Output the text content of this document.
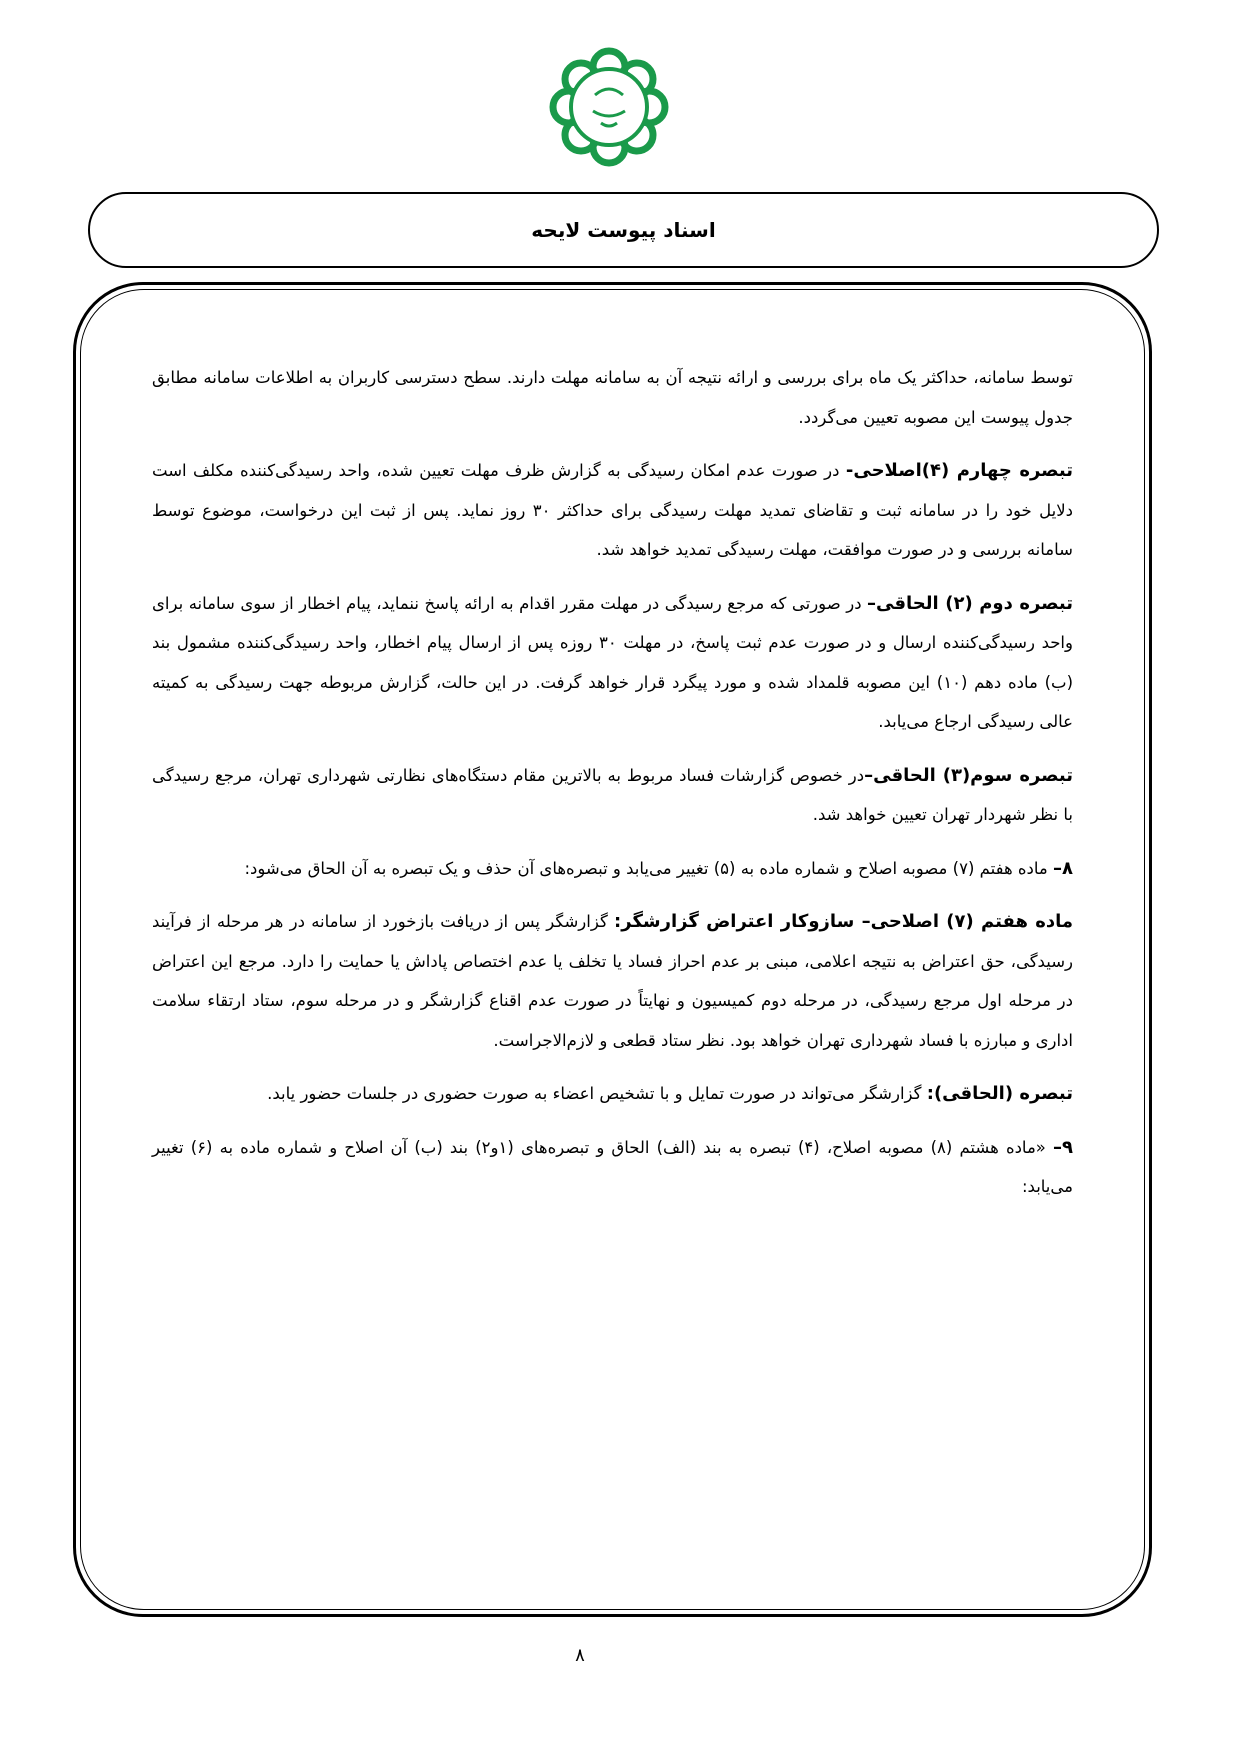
اسناد پیوست لایحه

توسط سامانه، حداکثر یک ماه برای بررسی و ارائه نتیجه آن به سامانه مهلت دارند. سطح دسترسی کاربران به اطلاعات سامانه مطابق جدول پیوست این مصوبه تعیین می‌گردد.

تبصره چهارم (۴)اصلاحی- در صورت عدم امکان رسیدگی به گزارش ظرف مهلت تعیین شده، واحد رسیدگی‌کننده مکلف است دلایل خود را در سامانه ثبت و تقاضای تمدید مهلت رسیدگی برای حداکثر ۳۰ روز نماید. پس از ثبت این درخواست، موضوع توسط سامانه بررسی و در صورت موافقت، مهلت رسیدگی تمدید خواهد شد.

تبصره دوم (۲) الحاقی– در صورتی که مرجع رسیدگی در مهلت مقرر اقدام به ارائه پاسخ ننماید، پیام اخطار از سوی سامانه برای واحد رسیدگی‌کننده ارسال و در صورت عدم ثبت پاسخ، در مهلت ۳۰ روزه پس از ارسال پیام اخطار، واحد رسیدگی‌کننده مشمول بند (ب) ماده دهم (۱۰) این مصوبه قلمداد شده و مورد پیگرد قرار خواهد گرفت. در این حالت، گزارش مربوطه جهت رسیدگی به کمیته عالی رسیدگی ارجاع می‌یابد.

تبصره سوم(۳) الحاقی–در خصوص گزارشات فساد مربوط به بالاترین مقام دستگاه‌های نظارتی شهرداری تهران، مرجع رسیدگی با نظر شهردار تهران تعیین خواهد شد.

۸– ماده هفتم (۷) مصوبه اصلاح و شماره ماده به (۵) تغییر می‌یابد و تبصره‌های آن حذف و یک تبصره به آن الحاق می‌شود:

ماده هفتم (۷) اصلاحی– سازوکار اعتراض گزارشگر: گزارشگر پس از دریافت بازخورد از سامانه در هر مرحله از فرآیند رسیدگی، حق اعتراض به نتیجه اعلامی، مبنی بر عدم احراز فساد یا تخلف یا عدم اختصاص پاداش یا حمایت را دارد. مرجع این اعتراض در مرحله اول مرجع رسیدگی، در مرحله دوم کمیسیون و نهایتاً در صورت عدم اقناع گزارشگر و در مرحله سوم، ستاد ارتقاء سلامت اداری و مبارزه با فساد شهرداری تهران خواهد بود. نظر ستاد قطعی و لازم‌الاجراست.

تبصره (الحاقی): گزارشگر می‌تواند در صورت تمایل و با تشخیص اعضاء به صورت حضوری در جلسات حضور یابد.

۹– «ماده هشتم (۸) مصوبه اصلاح، (۴) تبصره به بند (الف) الحاق و تبصره‌های (۱و۲) بند (ب) آن اصلاح و شماره ماده به (۶) تغییر می‌یابد:

۸
